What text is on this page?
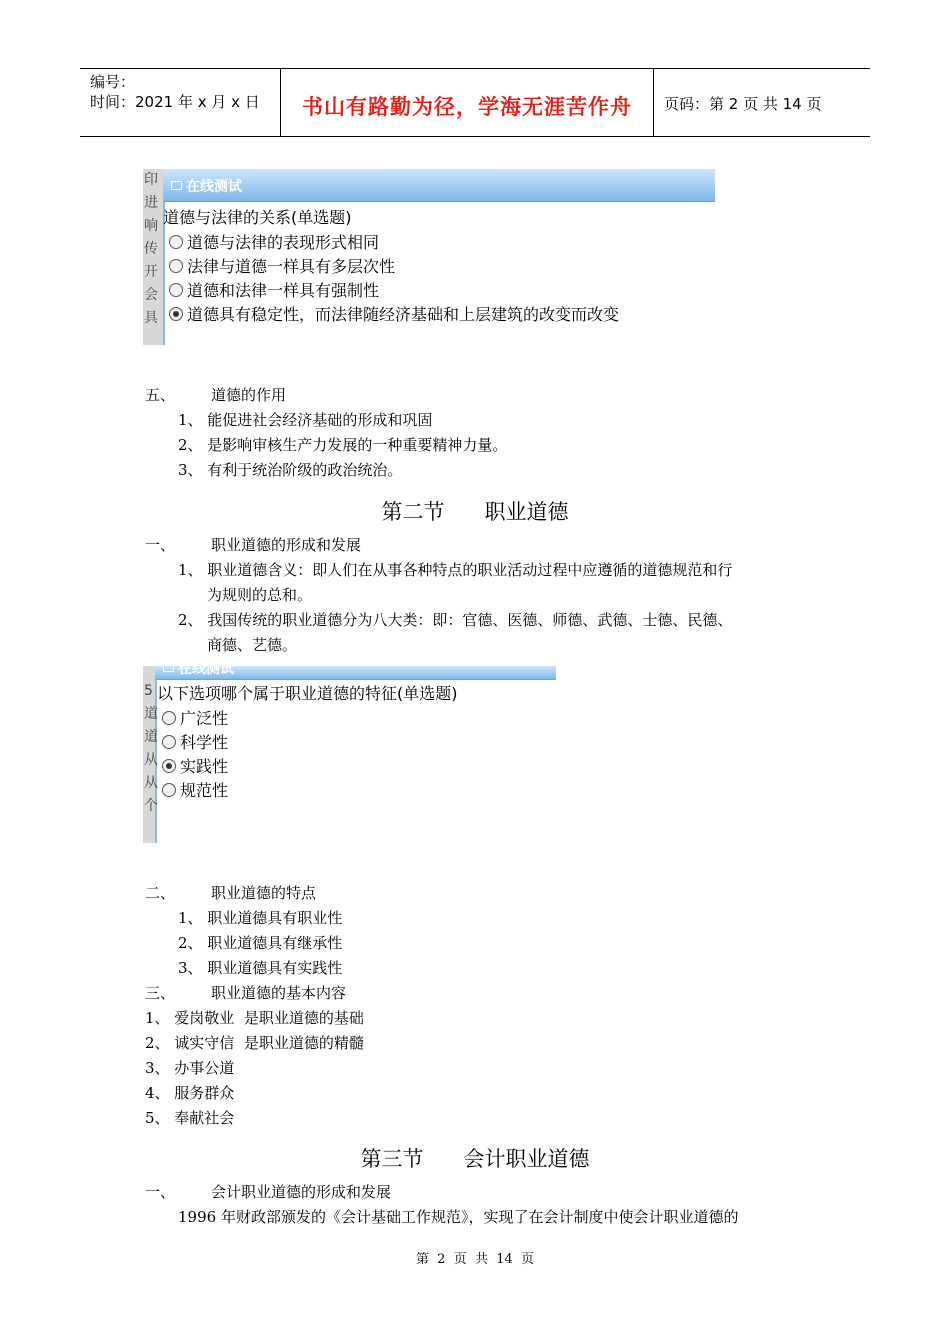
编号：
时间：2021 年 x 月 x 日	书山有路勤为径，学海无涯苦作舟	页码：第 2 页 共 14 页
印
进
响
传
开
会
具
在线测试
道德与法律的关系(单选题)
道德与法律的表现形式相同
法律与道德一样具有多层次性
道德和法律一样具有强制性
道德具有稳定性，而法律随经济基础和上层建筑的改变而改变
五、 道德的作用
1、 能促进社会经济基础的形成和巩固
2、 是影响审核生产力发展的一种重要精神力量。
3、 有利于统治阶级的政治统治。
第二节      职业道德
一、 职业道德的形成和发展
1、 职业道德含义：即人们在从事各种特点的职业活动过程中应遵循的道德规范和行
为规则的总和。
2、 我国传统的职业道德分为八大类：即：官德、医德、师德、武德、士德、民德、
商德、艺德。
5
道
道
从
从
个
在线测试
以下选项哪个属于职业道德的特征(单选题)
广泛性
科学性
实践性
规范性
二、 职业道德的特点
1、 职业道德具有职业性
2、 职业道德具有继承性
3、 职业道德具有实践性
三、 职业道德的基本内容
1、 爱岗敬业  是职业道德的基础
2、 诚实守信  是职业道德的精髓
3、 办事公道
4、 服务群众
5、 奉献社会
第三节      会计职业道德
一、 会计职业道德的形成和发展
1996 年财政部颁发的《会计基础工作规范》，实现了在会计制度中使会计职业道德的
第  2  页  共  14  页
